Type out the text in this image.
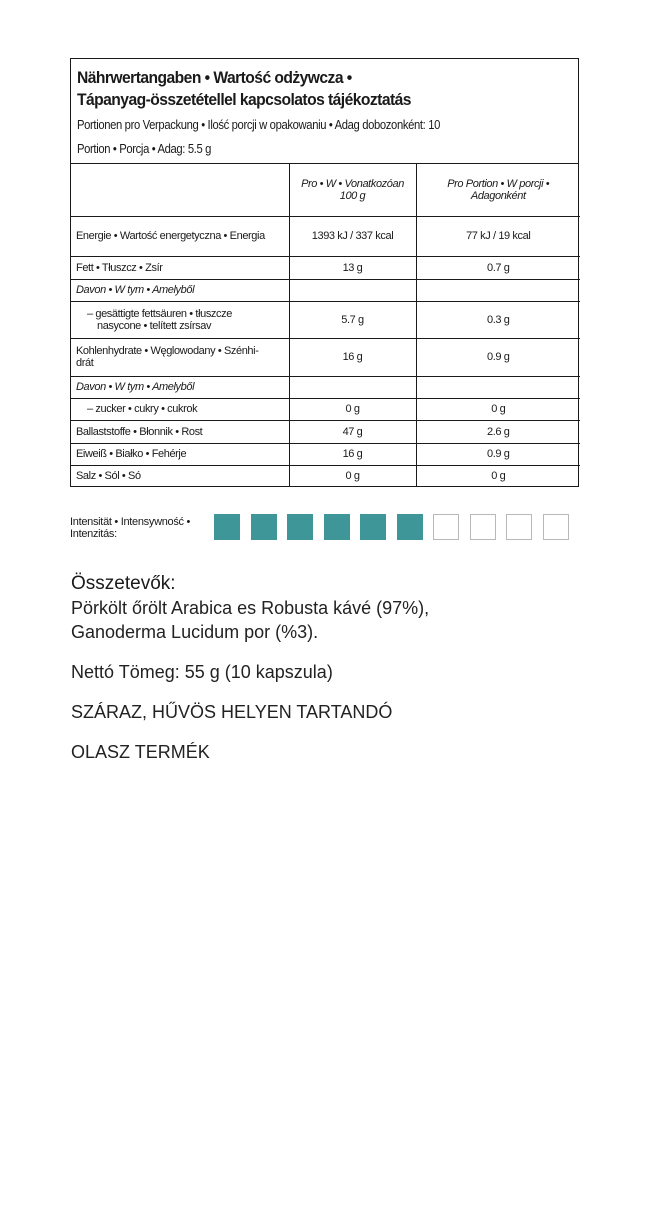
Nährwertangaben • Wartość odżywcza •
Tápanyag-összetétellel kapcsolatos tájékoztatás
Portionen pro Verpackung • Ilość porcji w opakowaniu • Adag dobozonként: 10
Portion • Porcja • Adag: 5.5 g
	Pro • W • Vonatkozóan 100 g	Pro Portion • W porcji • Adagonként
Energie • Wartość energetyczna • Energia	1393 kJ / 337 kcal	77 kJ / 19 kcal
Fett • Tłuszcz • Zsír	13 g	0.7 g
Davon • W tym • Amelyből		
– gesättigte fettsäuren • tłuszcze
nasycone • telített zsírsav	5.7 g	0.3 g
Kohlenhydrate • Węglowodany • Szénhi-
drát	16 g	0.9 g
Davon • W tym • Amelyből		
– zucker • cukry • cukrok	0 g	0 g
Ballaststoffe • Błonnik • Rost	47 g	2.6 g
Eiweiß • Białko • Fehérje	16 g	0.9 g
Salz • Sól • Só	0 g	0 g
Intensität • Intensywność •
Intenzitás:
Összetevők:
Pörkölt őrölt Arabica es Robusta kávé (97%),
Ganoderma Lucidum por (%3).
Nettó Tömeg: 55 g (10 kapszula)
SZÁRAZ, HŰVÖS HELYEN TARTANDÓ
OLASZ TERMÉK
